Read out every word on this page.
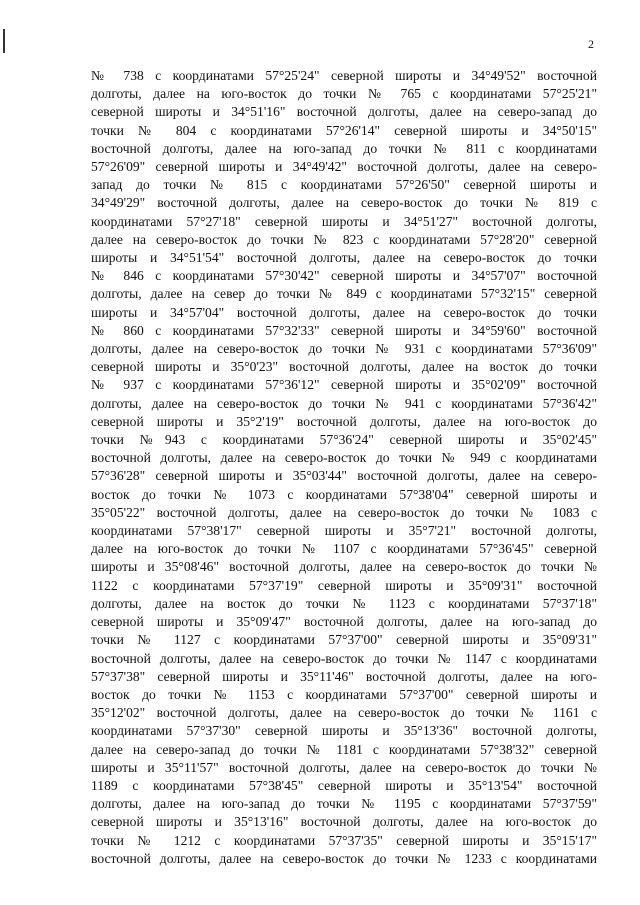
2
№ 738 с координатами 57°25'24" северной широты и 34°49'52" восточной
долготы, далее на юго-восток до точки № 765 с координатами 57°25'21"
северной широты и 34°51'16" восточной долготы, далее на северо-запад до
точки № 804 с координатами 57°26'14" северной широты и 34°50'15"
восточной долготы, далее на юго-запад до точки № 811 с координатами
57°26'09" северной широты и 34°49'42" восточной долготы, далее на северо-
запад до точки № 815 с координатами 57°26'50" северной широты и
34°49'29" восточной долготы, далее на северо-восток до точки № 819 с
координатами 57°27'18" северной широты и 34°51'27" восточной долготы,
далее на северо-восток до точки № 823 с координатами 57°28'20" северной
широты и 34°51'54" восточной долготы, далее на северо-восток до точки
№ 846 с координатами 57°30'42" северной широты и 34°57'07" восточной
долготы, далее на север до точки № 849 с координатами 57°32'15" северной
широты и 34°57'04" восточной долготы, далее на северо-восток до точки
№ 860 с координатами 57°32'33" северной широты и 34°59'60" восточной
долготы, далее на северо-восток до точки № 931 с координатами 57°36'09"
северной широты и 35°0'23" восточной долготы, далее на восток до точки
№ 937 с координатами 57°36'12" северной широты и 35°02'09" восточной
долготы, далее на северо-восток до точки № 941 с координатами 57°36'42"
северной широты и 35°2'19" восточной долготы, далее на юго-восток до
точки №943 с координатами 57°36'24" северной широты и 35°02'45"
восточной долготы, далее на северо-восток до точки № 949 с координатами
57°36'28" северной широты и 35°03'44" восточной долготы, далее на северо-
восток до точки № 1073 с координатами 57°38'04" северной широты и
35°05'22" восточной долготы, далее на северо-восток до точки № 1083 с
координатами 57°38'17" северной широты и 35°7'21" восточной долготы,
далее на юго-восток до точки № 1107 с координатами 57°36'45" северной
широты и 35°08'46" восточной долготы, далее на северо-восток до точки №
1122 с координатами 57°37'19" северной широты и 35°09'31" восточной
долготы, далее на восток до точки № 1123 с координатами 57°37'18"
северной широты и 35°09'47" восточной долготы, далее на юго-запад до
точки № 1127 с координатами 57°37'00" северной широты и 35°09'31"
восточной долготы, далее на северо-восток до точки № 1147 с координатами
57°37'38" северной широты и 35°11'46" восточной долготы, далее на юго-
восток до точки № 1153 с координатами 57°37'00" северной широты и
35°12'02" восточной долготы, далее на северо-восток до точки № 1161 с
координатами 57°37'30" северной широты и 35°13'36" восточной долготы,
далее на северо-запад до точки № 1181 с координатами 57°38'32" северной
широты и 35°11'57" восточной долготы, далее на северо-восток до точки №
1189 с координатами 57°38'45" северной широты и 35°13'54" восточной
долготы, далее на юго-запад до точки № 1195 с координатами 57°37'59"
северной широты и 35°13'16" восточной долготы, далее на юго-восток до
точки № 1212 с координатами 57°37'35" северной широты и 35°15'17"
восточной долготы, далее на северо-восток до точки № 1233 с координатами
